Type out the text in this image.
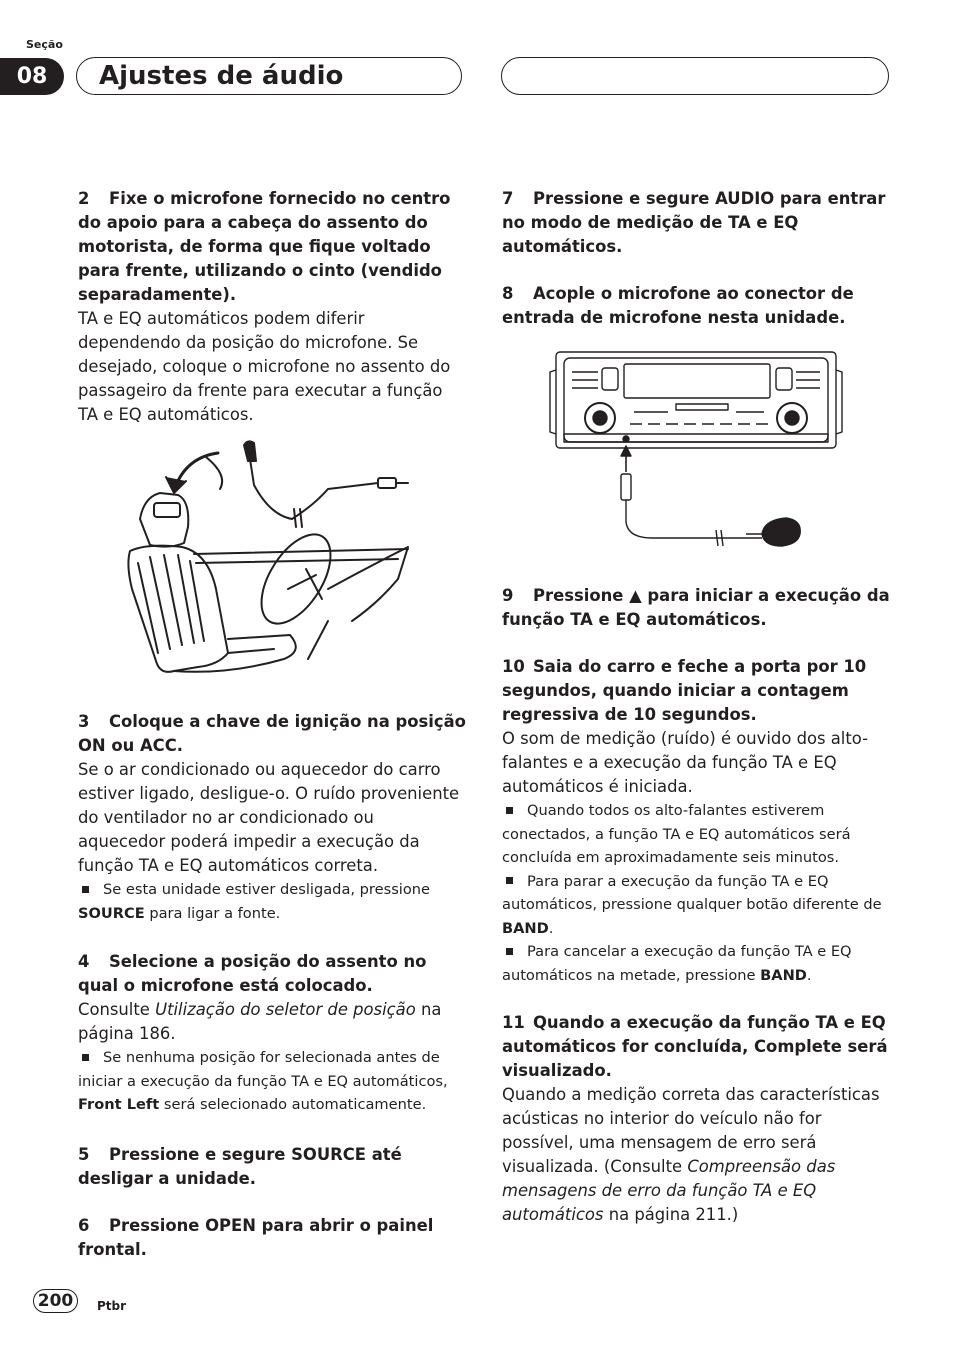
Seção
08	Ajustes de áudio

2 Fixe o microfone fornecido no centro do apoio para a cabeça do assento do motorista, de forma que fique voltado para frente, utilizando o cinto (vendido separadamente).

TA e EQ automáticos podem diferir dependendo da posição do microfone. Se desejado, coloque o microfone no assento do passageiro da frente para executar a função TA e EQ automáticos.

3 Coloque a chave de ignição na posição ON ou ACC.

Se o ar condicionado ou aquecedor do carro estiver ligado, desligue-o. O ruído proveniente do ventilador no ar condicionado ou aquecedor poderá impedir a execução da função TA e EQ automáticos correta.

Se esta unidade estiver desligada, pressione
SOURCE para ligar a fonte.

4 Selecione a posição do assento no qual o microfone está colocado.

Consulte Utilização do seletor de posição na página 186.

Se nenhuma posição for selecionada antes de iniciar a execução da função TA e EQ automáticos, Front Left será selecionado automaticamente.

5 Pressione e segure SOURCE até desligar a unidade.

6 Pressione OPEN para abrir o painel frontal.

7 Pressione e segure AUDIO para entrar no modo de medição de TA e EQ automáticos.

8 Acople o microfone ao conector de entrada de microfone nesta unidade.

9 Pressione ▲ para iniciar a execução da função TA e EQ automáticos.

10 Saia do carro e feche a porta por 10 segundos, quando iniciar a contagem regressiva de 10 segundos.

O som de medição (ruído) é ouvido dos alto-falantes e a execução da função TA e EQ automáticos é iniciada.

Quando todos os alto-falantes estiverem conectados, a função TA e EQ automáticos será concluída em aproximadamente seis minutos.

Para parar a execução da função TA e EQ automáticos, pressione qualquer botão diferente de BAND.

Para cancelar a execução da função TA e EQ automáticos na metade, pressione BAND.

11 Quando a execução da função TA e EQ automáticos for concluída, Complete será visualizado.

Quando a medição correta das características acústicas no interior do veículo não for possível, uma mensagem de erro será visualizada. (Consulte Compreensão das mensagens de erro da função TA e EQ automáticos na página 211.)

200	Ptbr
